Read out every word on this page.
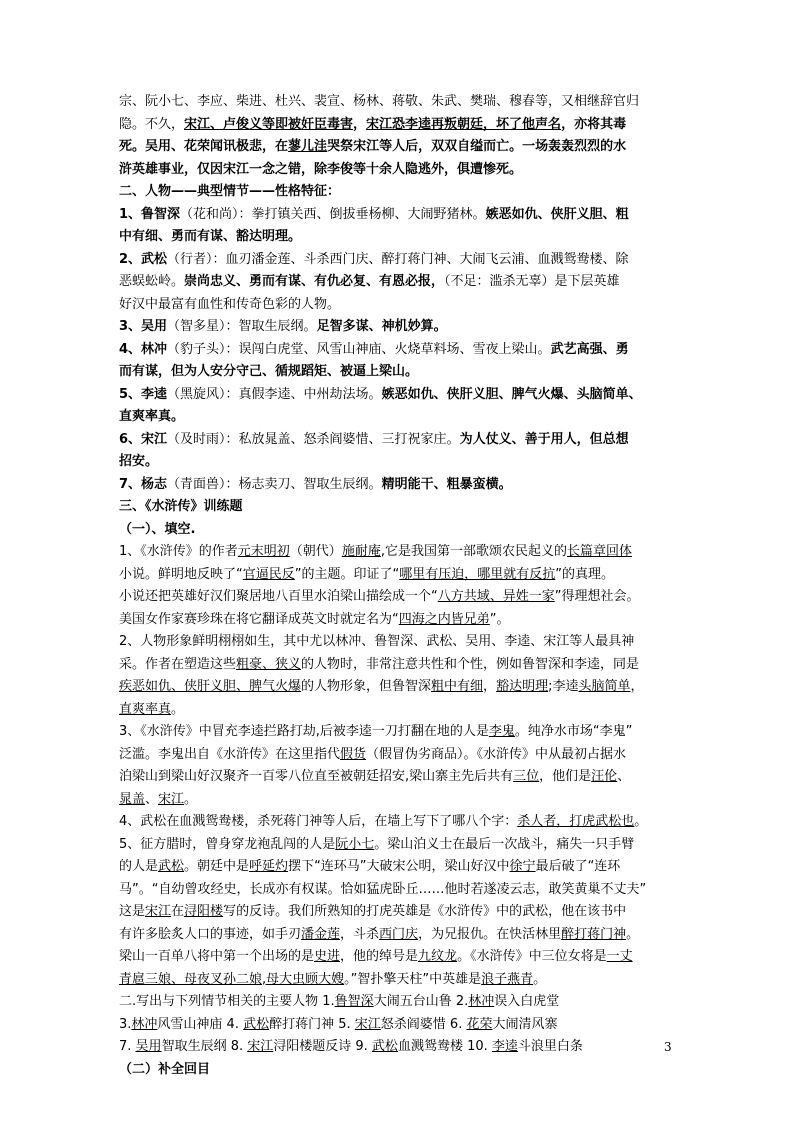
宗、阮小七、李应、柴进、杜兴、裴宣、杨林、蒋敬、朱武、樊瑞、穆春等，又相继辞官归
隐。不久，宋江、卢俊义等即被奸臣毒害，宋江恐李逵再叛朝廷，坏了他声名，亦将其毒
死。吴用、花荣闻讯极悲，在蓼儿洼哭祭宋江等人后，双双自缢而亡。一场轰轰烈烈的水
浒英雄事业，仅因宋江一念之错，除李俊等十余人隐逃外，俱遭惨死。
二、人物——典型情节——性格特征：
1、鲁智深（花和尚）：拳打镇关西、倒拔垂杨柳、大闹野猪林。嫉恶如仇、侠肝义胆、粗
中有细、勇而有谋、豁达明理。
2、武松（行者）：血刃潘金莲、斗杀西门庆、醉打蒋门神、大闹飞云浦、血溅鸳鸯楼、除
恶蜈蚣岭。崇尚忠义、勇而有谋、有仇必复、有恩必报，（不足：滥杀无辜）是下层英雄
好汉中最富有血性和传奇色彩的人物。
3、吴用（智多星）：智取生辰纲。足智多谋、神机妙算。
4、林冲（豹子头）：误闯白虎堂、风雪山神庙、火烧草料场、雪夜上梁山。武艺高强、勇
而有谋，但为人安分守己、循规蹈矩、被逼上梁山。
5、李逵（黑旋风）：真假李逵、中州劫法场。嫉恶如仇、侠肝义胆、脾气火爆、头脑简单、
直爽率真。
6、宋江（及时雨）：私放晁盖、怒杀阎婆惜、三打祝家庄。为人仗义、善于用人，但总想
招安。
7、杨志（青面兽）：杨志卖刀、智取生辰纲。精明能干、粗暴蛮横。
三、《水浒传》训练题
（一）、填空.
1、《水浒传》的作者元末明初（朝代）施耐庵,它是我国第一部歌颂农民起义的长篇章回体
小说。鲜明地反映了“官逼民反”的主题。印证了“哪里有压迫，哪里就有反抗”的真理。
小说还把英雄好汉们聚居地八百里水泊梁山描绘成一个“八方共域、异姓一家”得理想社会。
美国女作家赛珍珠在将它翻译成英文时就定名为“四海之内皆兄弟”。
2、人物形象鲜明栩栩如生，其中尤以林冲、鲁智深、武松、吴用、李逵、宋江等人最具神
采。作者在塑造这些粗豪、狭义的人物时，非常注意共性和个性，例如鲁智深和李逵，同是
疾恶如仇、侠肝义胆、脾气火爆的人物形象，但鲁智深粗中有细，豁达明理;李逵头脑简单，
直爽率真。
3、《水浒传》中冒充李逵拦路打劫,后被李逵一刀打翻在地的人是李鬼。纯净水市场“李鬼”
泛滥。李鬼出自《水浒传》在这里指代假货（假冒伪劣商品）。《水浒传》中从最初占据水
泊梁山到梁山好汉聚齐一百零八位直至被朝廷招安,梁山寨主先后共有三位，他们是汪伦、
晁盖、宋江。
4、武松在血溅鸳鸯楼，杀死蒋门神等人后，在墙上写下了哪八个字：杀人者，打虎武松也。
5、征方腊时，曾身穿龙袍乱闯的人是阮小七。梁山泊义士在最后一次战斗，痛失一只手臂
的人是武松。朝廷中是呼延灼摆下“连环马”大破宋公明，梁山好汉中徐宁最后破了“连环
马”。“自幼曾攻经史，长成亦有权谋。恰如猛虎卧丘……他时若遂凌云志，敢笑黄巢不丈夫”
这是宋江在浔阳楼写的反诗。我们所熟知的打虎英雄是《水浒传》中的武松，他在该书中
有许多脍炙人口的事迹，如手刃潘金莲，斗杀西门庆，为兄报仇。在快活林里醉打蒋门神。
梁山一百单八将中第一个出场的是史进，他的绰号是九纹龙。《水浒传》中三位女将是一丈
青扈三娘、母夜叉孙二娘,母大虫顾大嫂。”智扑擎天柱”中英雄是浪子燕青。
二.写出与下列情节相关的主要人物 1.鲁智深大闹五台山鲁 2.林冲误入白虎堂
3.林冲风雪山神庙 4. 武松醉打蒋门神 5. 宋江怒杀阎婆惜 6. 花荣大闹清风寨
7. 吴用智取生辰纲 8. 宋江浔阳楼题反诗 9. 武松血溅鸳鸯楼 10. 李逵斗浪里白条
（二）补全回目
3
